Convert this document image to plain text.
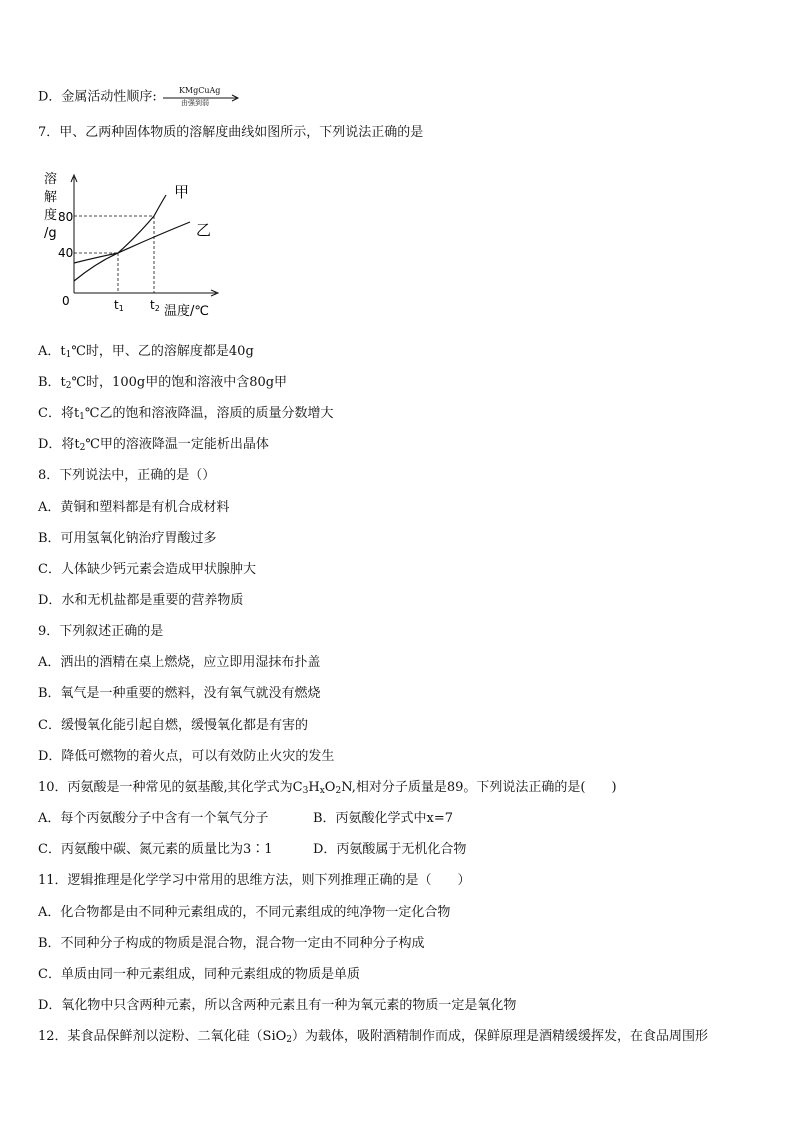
D．金属活动性顺序:	KMgCuAg
由强到弱
7．甲、乙两种固体物质的溶解度曲线如图所示，下列说法正确的是
溶
解
度
/g
80
40
0
甲
乙
t1 t2 温度/℃
A．$t_1℃$时，甲、乙的溶解度都是40g
B．$t_2℃$时，100g甲的饱和溶液中含80g甲
C．将$t_1℃$乙的饱和溶液降温，溶质的质量分数增大
D．将$t_2℃$甲的溶液降温一定能析出晶体
8．下列说法中，正确的是（）
A．黄铜和塑料都是有机合成材料
B．可用氢氧化钠治疗胃酸过多
C．人体缺少钙元素会造成甲状腺肿大
D．水和无机盐都是重要的营养物质
9．下列叙述正确的是
A．洒出的酒精在桌上燃烧，应立即用湿抹布扑盖
B．氧气是一种重要的燃料，没有氧气就没有燃烧
C．缓慢氧化能引起自燃，缓慢氧化都是有害的
D．降低可燃物的着火点，可以有效防止火灾的发生
10．丙氨酸是一种常见的氨基酸,其化学式为$C_3H_xO_2N$,相对分子质量是89。下列说法正确的是(　　)
A．每个丙氨酸分子中含有一个氧气分子	B．丙氨酸化学式中x=7
C．丙氨酸中碳、氮元素的质量比为3∶1	D．丙氨酸属于无机化合物
11．逻辑推理是化学学习中常用的思维方法，则下列推理正确的是（　　）
A．化合物都是由不同种元素组成的，不同元素组成的纯净物一定化合物
B．不同种分子构成的物质是混合物，混合物一定由不同种分子构成
C．单质由同一种元素组成，同种元素组成的物质是单质
D．氧化物中只含两种元素，所以含两种元素且有一种为氧元素的物质一定是氧化物
12．某食品保鲜剂以淀粉、二氧化硅（SiO$_2$）为载体，吸附酒精制作而成，保鲜原理是酒精缓缓挥发，在食品周围形
